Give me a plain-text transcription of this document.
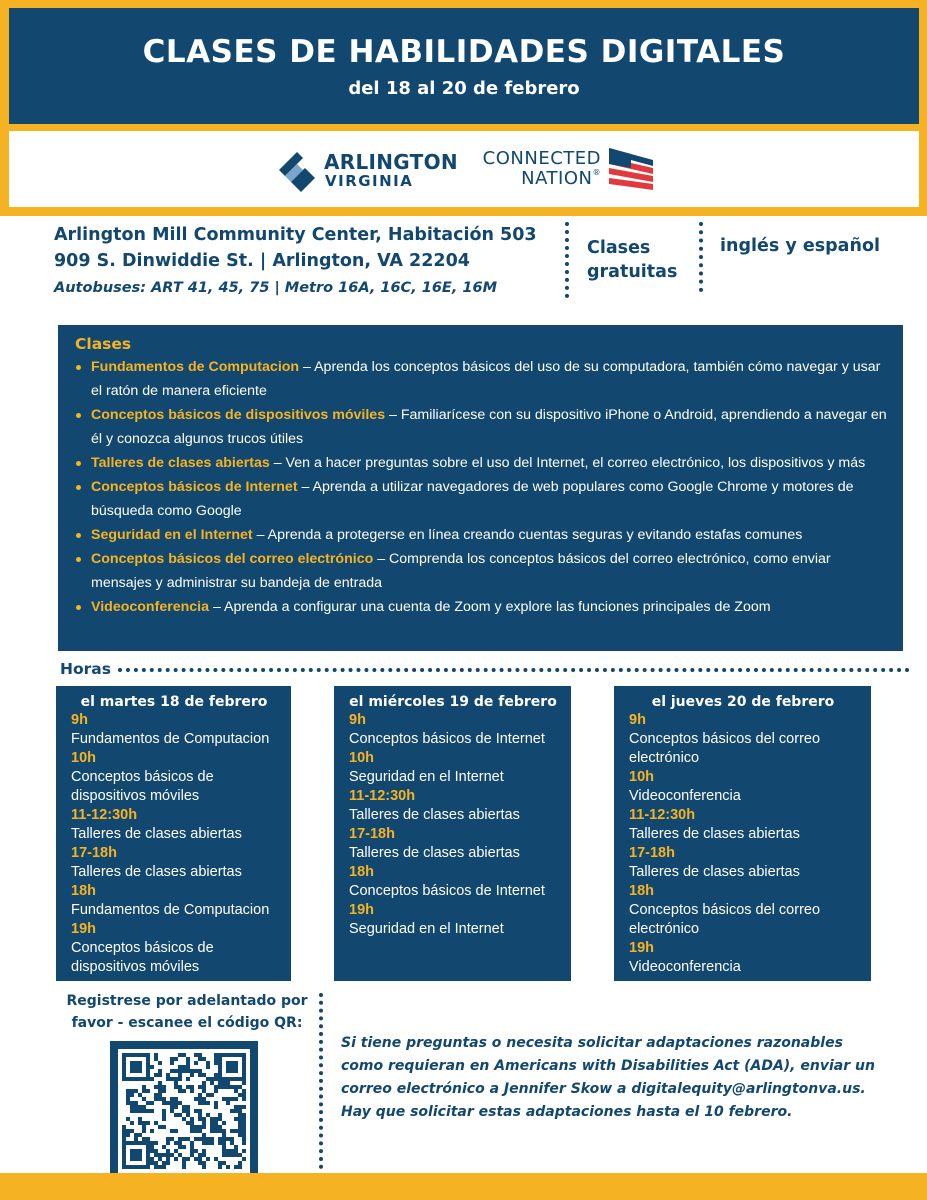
CLASES DE HABILIDADES DIGITALES
del 18 al 20 de febrero
ARLINGTON
VIRGINIA
CONNECTED
NATION®
Arlington Mill Community Center, Habitación 503
909 S. Dinwiddie St. | Arlington, VA 22204
Autobuses: ART 41, 45, 75 | Metro 16A, 16C, 16E, 16M
Clases
gratuitas
inglés y español
Clases
Fundamentos de Computacion – Aprenda los conceptos básicos del uso de su computadora, también cómo navegar y usar el ratón de manera eficiente
Conceptos básicos de dispositivos móviles – Familiarícese con su dispositivo iPhone o Android, aprendiendo a navegar en él y conozca algunos trucos útiles
Talleres de clases abiertas – Ven a hacer preguntas sobre el uso del Internet, el correo electrónico, los dispositivos y más
Conceptos básicos de Internet – Aprenda a utilizar navegadores de web populares como Google Chrome y motores de búsqueda como Google
Seguridad en el Internet – Aprenda a protegerse en línea creando cuentas seguras y evitando estafas comunes
Conceptos básicos del correo electrónico – Comprenda los conceptos básicos del correo electrónico, como enviar mensajes y administrar su bandeja de entrada
Videoconferencia – Aprenda a configurar una cuenta de Zoom y explore las funciones principales de Zoom
Horas
el martes 18 de febrero
9h
Fundamentos de Computacion
10h
Conceptos básicos de dispositivos móviles
11-12:30h
Talleres de clases abiertas
17-18h
Talleres de clases abiertas
18h
Fundamentos de Computacion
19h
Conceptos básicos de dispositivos móviles
el miércoles 19 de febrero
9h
Conceptos básicos de Internet
10h
Seguridad en el Internet
11-12:30h
Talleres de clases abiertas
17-18h
Talleres de clases abiertas
18h
Conceptos básicos de Internet
19h
Seguridad en el Internet
el jueves 20 de febrero
9h
Conceptos básicos del correo electrónico
10h
Videoconferencia
11-12:30h
Talleres de clases abiertas
17-18h
Talleres de clases abiertas
18h
Conceptos básicos del correo electrónico
19h
Videoconferencia
Registrese por adelantado por favor - escanee el código QR:
Si tiene preguntas o necesita solicitar adaptaciones razonables como requieran en Americans with Disabilities Act (ADA), enviar un correo electrónico a Jennifer Skow a digitalequity@arlingtonva.us. Hay que solicitar estas adaptaciones hasta el 10 febrero.
